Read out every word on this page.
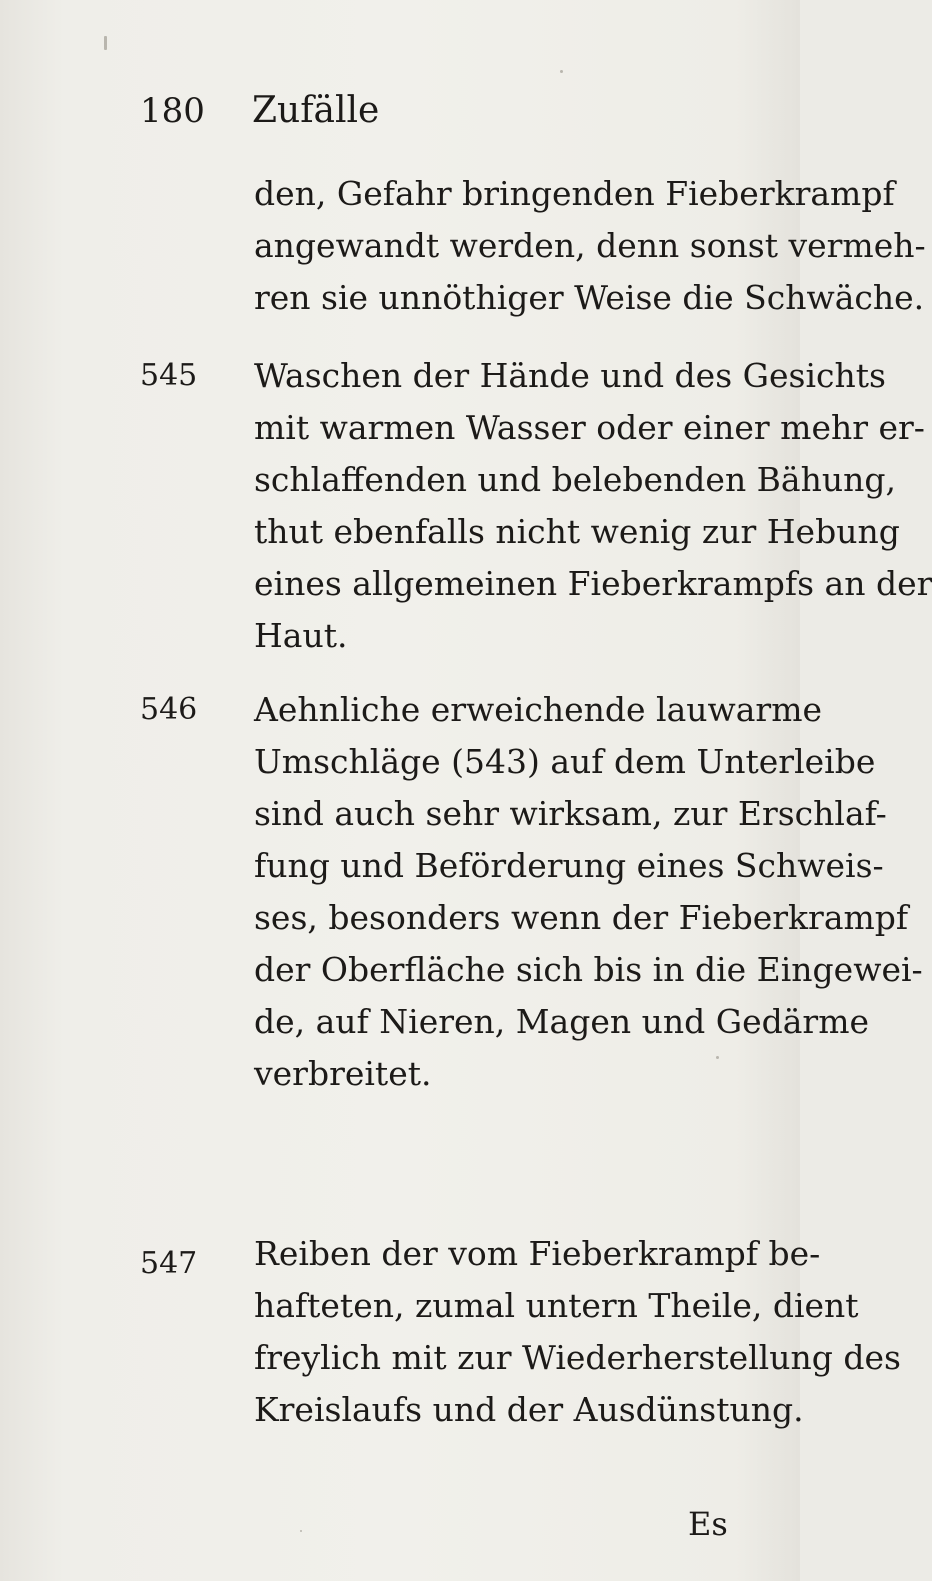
180 Zufälle
den, Gefahr bringenden Fieberkrampf
angewandt werden, denn sonst vermeh-
ren sie unnöthiger Weise die Schwäche.
545 Waschen der Hände und des Gesichts
mit warmen Wasser oder einer mehr er-
schlaffenden und belebenden Bähung,
thut ebenfalls nicht wenig zur Hebung
eines allgemeinen Fieberkrampfs an der
Haut.
546 Aehnliche erweichende lauwarme
Umschläge (543) auf dem Unterleibe
sind auch sehr wirksam, zur Erschlaf-
fung und Beförderung eines Schweis-
ses, besonders wenn der Fieberkrampf
der Oberfläche sich bis in die Eingewei-
de, auf Nieren, Magen und Gedärme
verbreitet.
547 Reiben der vom Fieberkrampf be-
hafteten, zumal untern Theile, dient
freylich mit zur Wiederherstellung des
Kreislaufs und der Ausdünstung.
Es
